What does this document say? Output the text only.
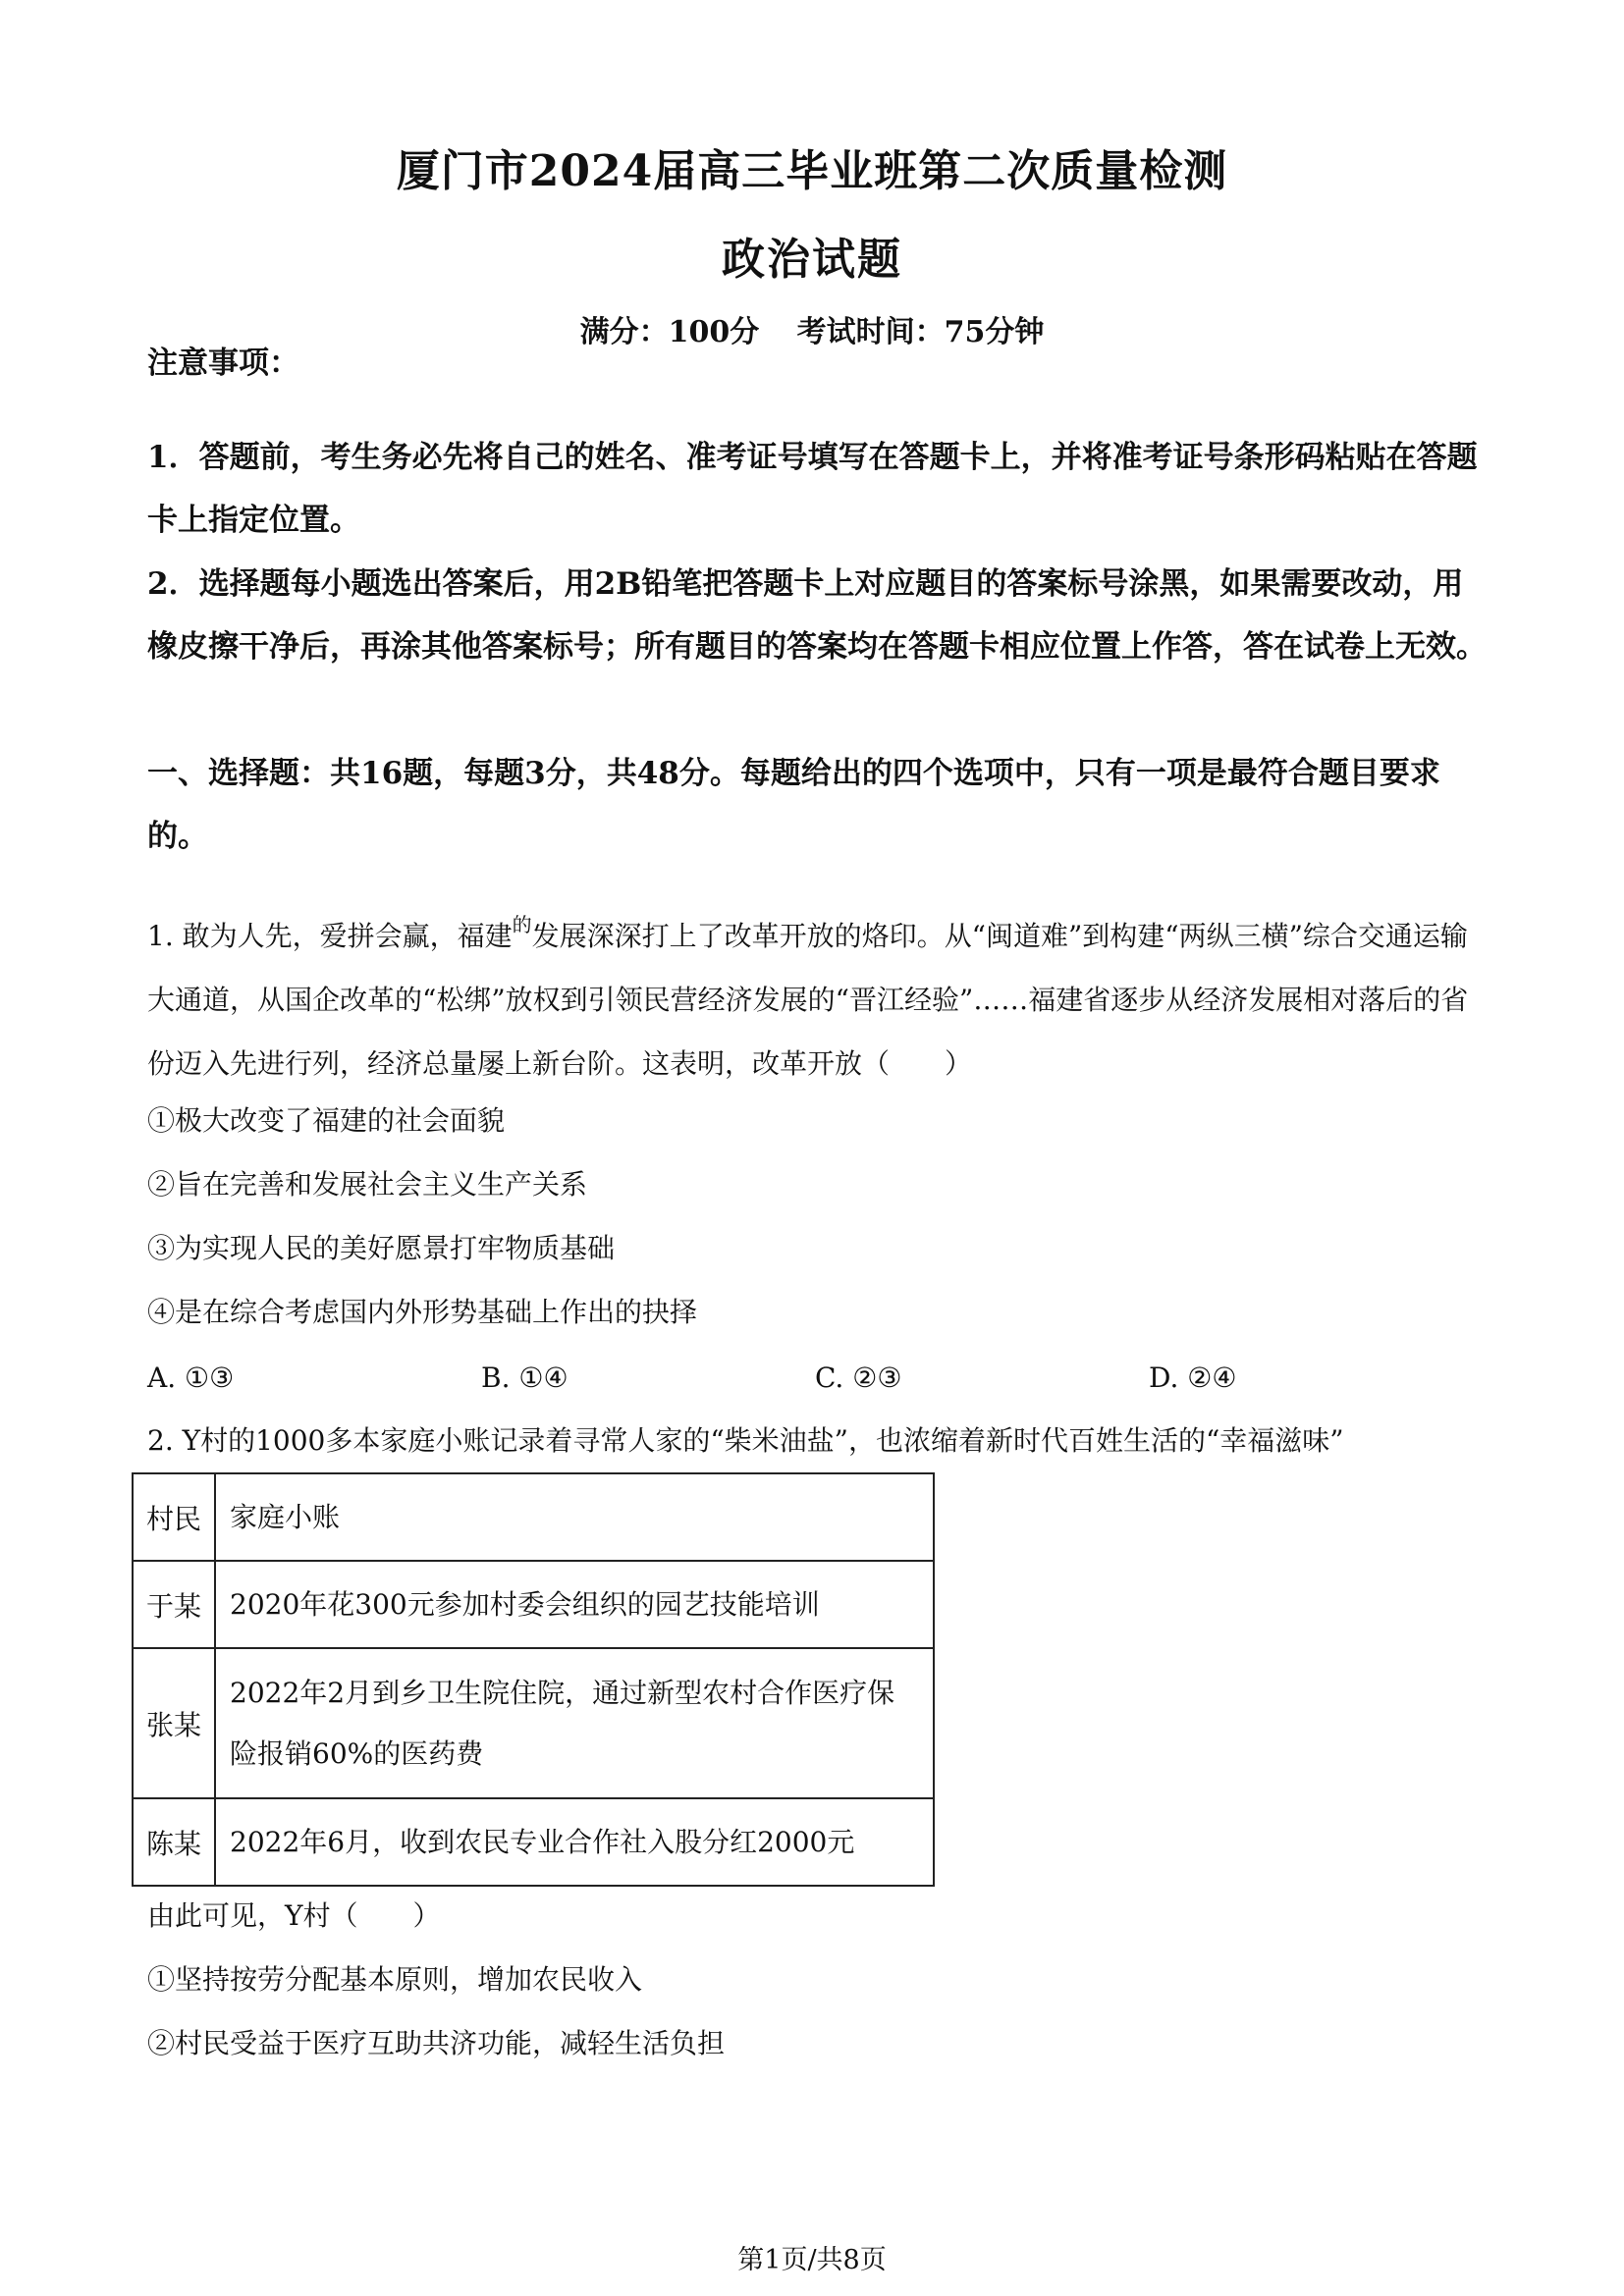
厦门市2024届高三毕业班第二次质量检测
政治试题
满分：100分 考试时间：75分钟
注意事项：
1．答题前，考生务必先将自己的姓名、准考证号填写在答题卡上，并将准考证号条形码粘贴在答题卡上指定位置。
2．选择题每小题选出答案后，用2B铅笔把答题卡上对应题目的答案标号涂黑，如果需要改动，用橡皮擦干净后，再涂其他答案标号；所有题目的答案均在答题卡相应位置上作答，答在试卷上无效。
一、选择题：共16题，每题3分，共48分。每题给出的四个选项中，只有一项是最符合题目要求的。
1. 敢为人先，爱拼会赢，福建$^的$发展深深打上了改革开放的烙印。从“闽道难”到构建“两纵三横”综合交通运输大通道，从国企改革的“松绑”放权到引领民营经济发展的“晋江经验”……福建省逐步从经济发展相对落后的省份迈入先进行列，经济总量屡上新台阶。这表明，改革开放（　　）
①极大改变了福建的社会面貌
②旨在完善和发展社会主义生产关系
③为实现人民的美好愿景打牢物质基础
④是在综合考虑国内外形势基础上作出的抉择
A. ①③	B. ①④	C. ②③	D. ②④
2. Y村的1000多本家庭小账记录着寻常人家的“柴米油盐”，也浓缩着新时代百姓生活的“幸福滋味”
村民	家庭小账
于某	2020年花300元参加村委会组织的园艺技能培训
张某	2022年2月到乡卫生院住院，通过新型农村合作医疗保险报销60%的医药费
陈某	2022年6月，收到农民专业合作社入股分红2000元
由此可见，Y村（　　）
①坚持按劳分配基本原则，增加农民收入
②村民受益于医疗互助共济功能，减轻生活负担
第1页/共8页
